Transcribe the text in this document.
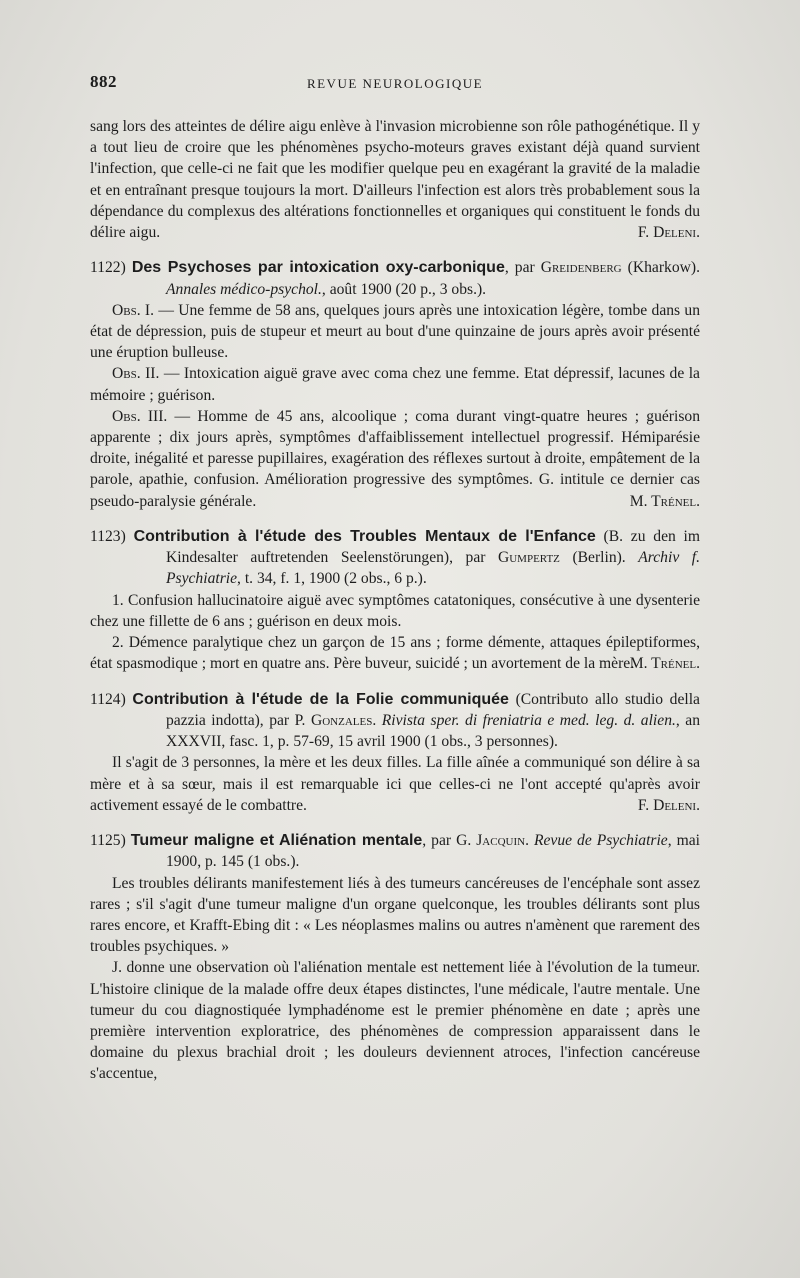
882	REVUE NEUROLOGIQUE

sang lors des atteintes de délire aigu enlève à l'invasion microbienne son rôle pathogénétique. Il y a tout lieu de croire que les phénomènes psycho-moteurs graves existant déjà quand survient l'infection, que celle-ci ne fait que les modifier quelque peu en exagérant la gravité de la maladie et en entraînant presque toujours la mort. D'ailleurs l'infection est alors très probablement sous la dépendance du complexus des altérations fonctionnelles et organiques qui constituent le fonds du délire aigu.	F. Deleni.

1122) Des Psychoses par intoxication oxy-carbonique, par Greidenberg (Kharkow). Annales médico-psychol., août 1900 (20 p., 3 obs.).

Obs. I. — Une femme de 58 ans, quelques jours après une intoxication légère, tombe dans un état de dépression, puis de stupeur et meurt au bout d'une quinzaine de jours après avoir présenté une éruption bulleuse.

Obs. II. — Intoxication aiguë grave avec coma chez une femme. Etat dépressif, lacunes de la mémoire ; guérison.

Obs. III. — Homme de 45 ans, alcoolique ; coma durant vingt-quatre heures ; guérison apparente ; dix jours après, symptômes d'affaiblissement intellectuel progressif. Hémiparésie droite, inégalité et paresse pupillaires, exagération des réflexes surtout à droite, empâtement de la parole, apathie, confusion. Amélioration progressive des symptômes. G. intitule ce dernier cas pseudo-paralysie générale.	M. Trénel.

1123) Contribution à l'étude des Troubles Mentaux de l'Enfance (B. zu den im Kindesalter auftretenden Seelenstörungen), par Gumpertz (Berlin). Archiv f. Psychiatrie, t. 34, f. 1, 1900 (2 obs., 6 p.).

1. Confusion hallucinatoire aiguë avec symptômes catatoniques, consécutive à une dysenterie chez une fillette de 6 ans ; guérison en deux mois.

2. Démence paralytique chez un garçon de 15 ans ; forme démente, attaques épileptiformes, état spasmodique ; mort en quatre ans. Père buveur, suicidé ; un avortement de la mère.

M. Trénel.

1124) Contribution à l'étude de la Folie communiquée (Contributo allo studio della pazzia indotta), par P. Gonzales. Rivista sper. di freniatria e med. leg. d. alien., an XXXVII, fasc. 1, p. 57-69, 15 avril 1900 (1 obs., 3 personnes).

Il s'agit de 3 personnes, la mère et les deux filles. La fille aînée a communiqué son délire à sa mère et à sa sœur, mais il est remarquable ici que celles-ci ne l'ont accepté qu'après avoir activement essayé de le combattre.	F. Deleni.

1125) Tumeur maligne et Aliénation mentale, par G. Jacquin. Revue de Psychiatrie, mai 1900, p. 145 (1 obs.).

Les troubles délirants manifestement liés à des tumeurs cancéreuses de l'encéphale sont assez rares ; s'il s'agit d'une tumeur maligne d'un organe quelconque, les troubles délirants sont plus rares encore, et Krafft-Ebing dit : « Les néoplasmes malins ou autres n'amènent que rarement des troubles psychiques. »

J. donne une observation où l'aliénation mentale est nettement liée à l'évolution de la tumeur. L'histoire clinique de la malade offre deux étapes distinctes, l'une médicale, l'autre mentale. Une tumeur du cou diagnostiquée lymphadénome est le premier phénomène en date ; après une première intervention exploratrice, des phénomènes de compression apparaissent dans le domaine du plexus brachial droit ; les douleurs deviennent atroces, l'infection cancéreuse s'accentue,
